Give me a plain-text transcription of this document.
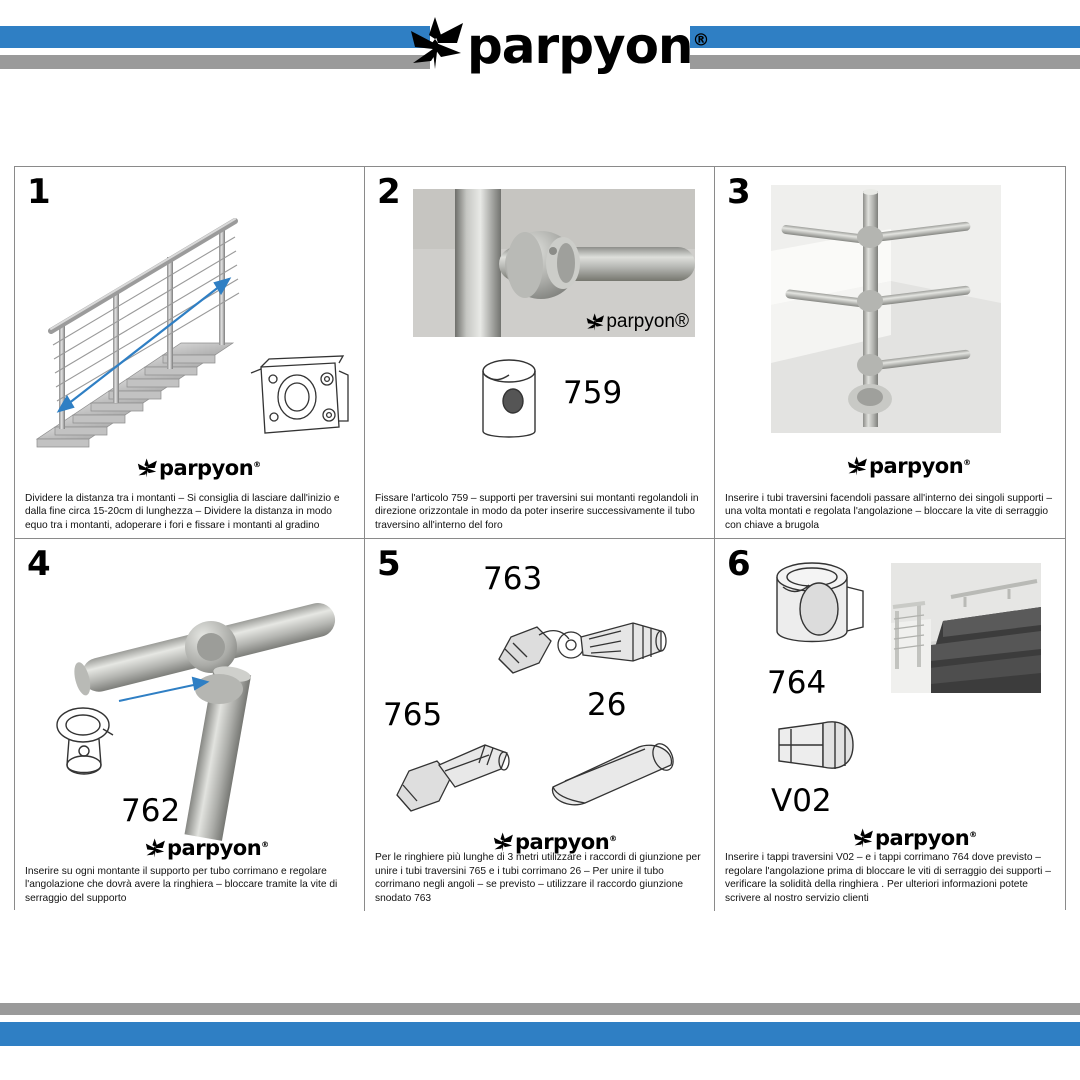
parpyon®
1
parpyon®
Dividere la distanza tra i montanti – Si consiglia di lasciare dall'inizio e dalla fine circa 15-20cm di lunghezza – Dividere la distanza in modo equo tra i montanti, adoperare i fori e fissare i montanti al gradino
2
parpyon®
759
Fissare l'articolo 759 – supporti per traversini sui montanti regolandoli in direzione orizzontale in modo da poter inserire successivamente il tubo traversino all'interno del foro
3
parpyon®
Inserire i tubi traversini facendoli passare all'interno dei singoli supporti – una volta montati e regolata l'angolazione – bloccare la vite di serraggio con chiave a brugola
4
762
parpyon®
Inserire su ogni montante il supporto per tubo corrimano e regolare l'angolazione che dovrà avere la ringhiera – bloccare tramite la vite di serraggio del supporto
5	763
765	26
parpyon®
Per le ringhiere più lunghe di 3 metri utilizzare i raccordi di giunzione per unire i tubi traversini 765 e i tubi corrimano 26 – Per unire il tubo corrimano negli angoli – se previsto – utilizzare il raccordo giunzione snodato 763
6
764
V02
parpyon®
Inserire i tappi traversini V02 – e i tappi corrimano 764 dove previsto – regolare l'angolazione prima di bloccare le viti di serraggio dei supporti – verificare la solidità della ringhiera . Per ulteriori informazioni potete scrivere al nostro servizio clienti
